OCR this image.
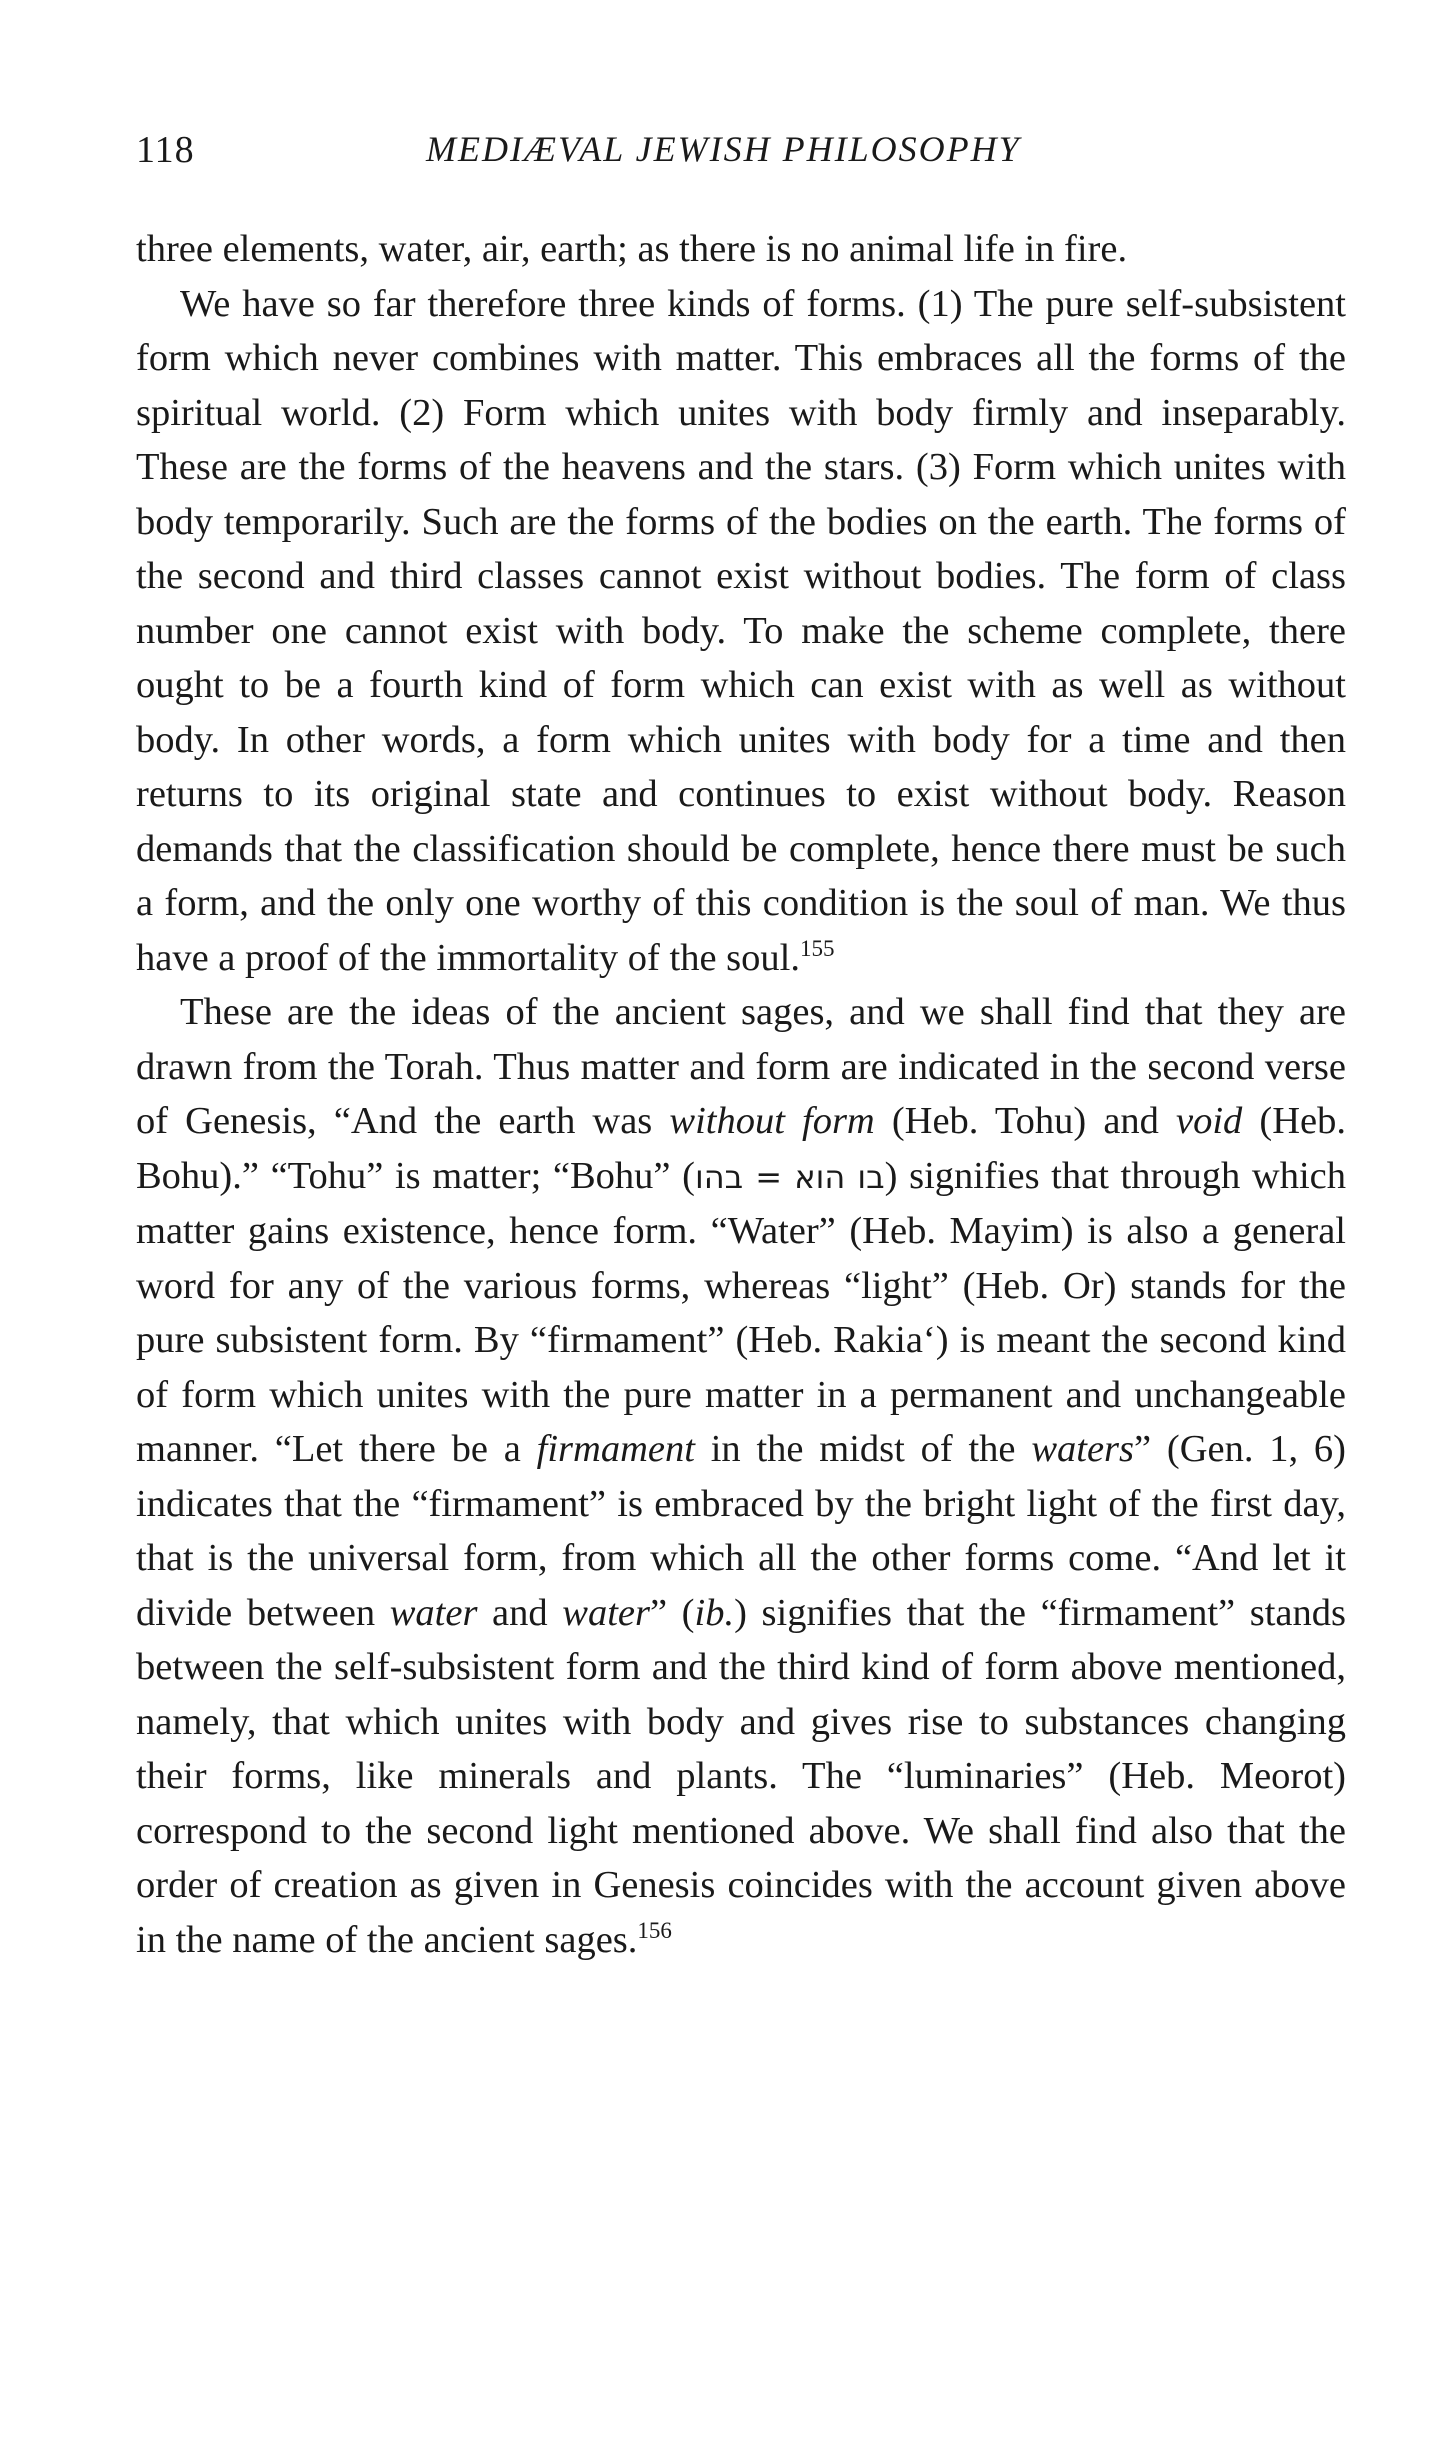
118	MEDIÆVAL JEWISH PHILOSOPHY

three elements, water, air, earth; as there is no animal life in fire.

We have so far therefore three kinds of forms. (1) The pure self-subsistent form which never combines with matter. This embraces all the forms of the spiritual world. (2) Form which unites with body firmly and inseparably. These are the forms of the heavens and the stars. (3) Form which unites with body temporarily. Such are the forms of the bodies on the earth. The forms of the second and third classes cannot exist without bodies. The form of class number one cannot exist with body. To make the scheme complete, there ought to be a fourth kind of form which can exist with as well as without body. In other words, a form which unites with body for a time and then returns to its original state and continues to exist without body. Reason demands that the classification should be complete, hence there must be such a form, and the only one worthy of this condition is the soul of man. We thus have a proof of the immortality of the soul.$^{155}$

These are the ideas of the ancient sages, and we shall find that they are drawn from the Torah. Thus matter and form are indicated in the second verse of Genesis, “And the earth was without form (Heb. Tohu) and void (Heb. Bohu).” “Tohu” is matter; “Bohu” (בו הוא = בהו) signifies that through which matter gains existence, hence form. “Water” (Heb. Mayim) is also a general word for any of the various forms, whereas “light” (Heb. Or) stands for the pure subsistent form. By “firmament” (Heb. Rakia‘) is meant the second kind of form which unites with the pure matter in a permanent and unchangeable manner. “Let there be a firmament in the midst of the waters” (Gen. 1, 6) indicates that the “firmament” is embraced by the bright light of the first day, that is the universal form, from which all the other forms come. “And let it divide between water and water” (ib.) signifies that the “firmament” stands between the self-subsistent form and the third kind of form above mentioned, namely, that which unites with body and gives rise to substances changing their forms, like minerals and plants. The “luminaries” (Heb. Meorot) correspond to the second light mentioned above. We shall find also that the order of creation as given in Genesis coincides with the account given above in the name of the ancient sages.$^{156}$
